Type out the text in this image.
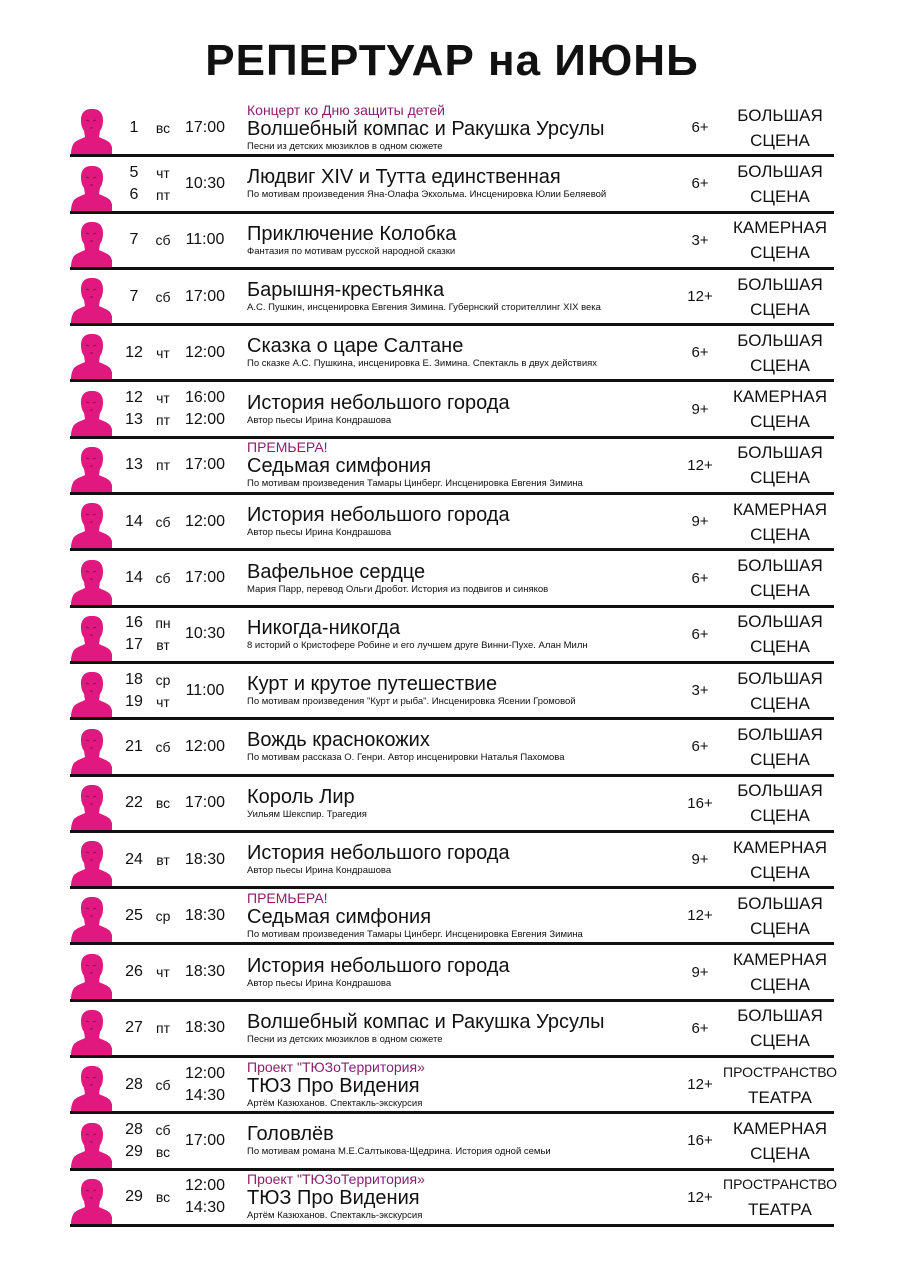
РЕПЕРТУАР на ИЮНЬ
1 вс 17:00
Концерт ко Дню защиты детей
Волшебный компас и Ракушка Урсулы
Песни из детских мюзиклов в одном сюжете
6+
БОЛЬШАЯ
СЦЕНА
5
6
чт
пт
10:30 Людвиг XIV и Тутта единственная
По мотивам произведения Яна-Олафа Экхольма. Инсценировка Юлии Беляевой
6+
БОЛЬШАЯ
СЦЕНА
7 сб 11:00 Приключение Колобка
Фантазия по мотивам русской народной сказки
3+
КАМЕРНАЯ
СЦЕНА
7 сб 17:00 Барышня-крестьянка
А.С. Пушкин, инсценировка Евгения Зимина. Губернский сторителлинг XIX века
12+
БОЛЬШАЯ
СЦЕНА
12 чт 12:00 Сказка о царе Салтане
По сказке А.С. Пушкина, инсценировка Е. Зимина. Спектакль в двух действиях
6+
БОЛЬШАЯ
СЦЕНА
12
13
чт
пт
16:00
12:00
История небольшого города
Автор пьесы Ирина Кондрашова
9+
КАМЕРНАЯ
СЦЕНА
13 пт 17:00
ПРЕМЬЕРА!
Седьмая симфония
По мотивам произведения Тамары Цинберг. Инсценировка Евгения Зимина
12+
БОЛЬШАЯ
СЦЕНА
14 сб 12:00 История небольшого города
Автор пьесы Ирина Кондрашова
9+
КАМЕРНАЯ
СЦЕНА
14 сб 17:00 Вафельное сердце
Мария Парр, перевод Ольги Дробот. История из подвигов и синяков
6+
БОЛЬШАЯ
СЦЕНА
16
17
пн
вт
10:30 Никогда-никогда
8 историй о Кристофере Робине и его лучшем друге Винни-Пухе. Алан Милн
6+
БОЛЬШАЯ
СЦЕНА
18
19
ср
чт
11:00 Курт и крутое путешествие
По мотивам произведения "Курт и рыба". Инсценировка Ясении Громовой
3+
БОЛЬШАЯ
СЦЕНА
21 сб 12:00 Вождь краснокожих
По мотивам рассказа О. Генри. Автор инсценировки Наталья Пахомова
6+
БОЛЬШАЯ
СЦЕНА
22 вс 17:00 Король Лир
Уильям Шекспир. Трагедия
16+
БОЛЬШАЯ
СЦЕНА
24 вт 18:30 История небольшого города
Автор пьесы Ирина Кондрашова
9+
КАМЕРНАЯ
СЦЕНА
25 ср 18:30
ПРЕМЬЕРА!
Седьмая симфония
По мотивам произведения Тамары Цинберг. Инсценировка Евгения Зимина
12+
БОЛЬШАЯ
СЦЕНА
26 чт 18:30 История небольшого города
Автор пьесы Ирина Кондрашова
9+
КАМЕРНАЯ
СЦЕНА
27 пт 18:30 Волшебный компас и Ракушка Урсулы
Песни из детских мюзиклов в одном сюжете
6+
БОЛЬШАЯ
СЦЕНА
28 сб
12:00
14:30
Проект "ТЮЗоТерритория»
ТЮЗ Про Видения
Артём Казюханов. Спектакль-экскурсия
12+
ПРОСТРАНСТВО
ТЕАТРА
28
29
сб
вс
17:00 Головлёв
По мотивам романа М.Е.Салтыкова-Щедрина. История одной семьи
16+
КАМЕРНАЯ
СЦЕНА
29 вс
12:00
14:30
Проект "ТЮЗоТерритория»
ТЮЗ Про Видения
Артём Казюханов. Спектакль-экскурсия
12+
ПРОСТРАНСТВО
ТЕАТРА
